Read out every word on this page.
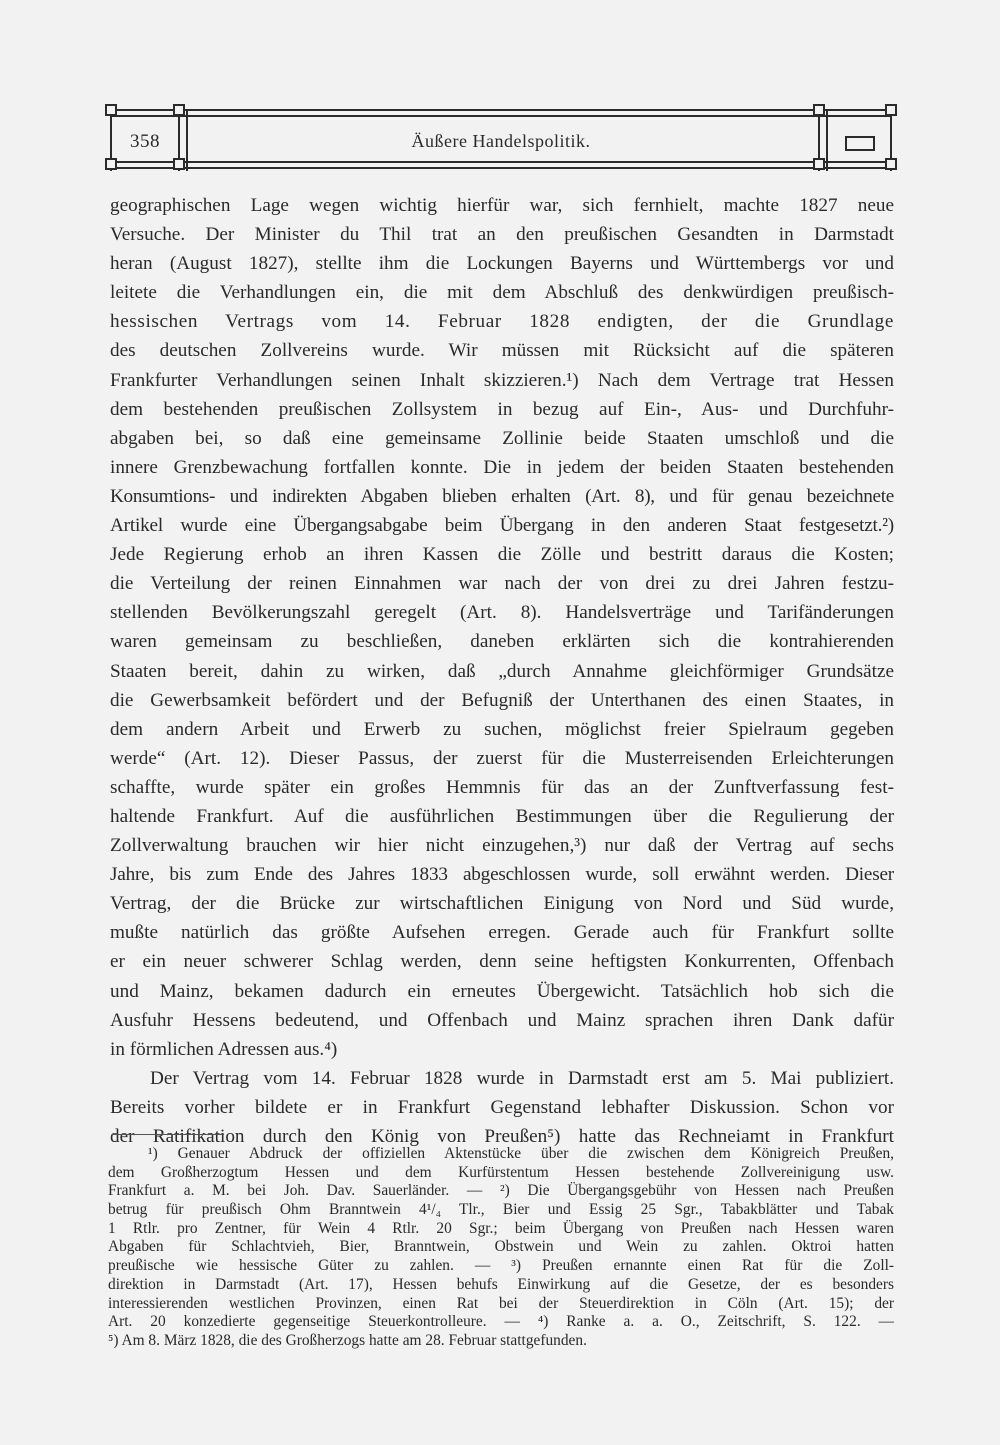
358	Äußere Handelspolitik.
geographischen Lage wegen wichtig hierfür war, sich fernhielt, machte 1827 neue
Versuche. Der Minister du Thil trat an den preußischen Gesandten in Darmstadt
heran (August 1827), stellte ihm die Lockungen Bayerns und Württembergs vor und
leitete die Verhandlungen ein, die mit dem Abschluß des denkwürdigen preußisch-
hessischen Vertrags vom 14. Februar 1828 endigten, der die Grundlage
des deutschen Zollvereins wurde. Wir müssen mit Rücksicht auf die späteren
Frankfurter Verhandlungen seinen Inhalt skizzieren.¹) Nach dem Vertrage trat Hessen
dem bestehenden preußischen Zollsystem in bezug auf Ein-, Aus- und Durchfuhr-
abgaben bei, so daß eine gemeinsame Zollinie beide Staaten umschloß und die
innere Grenzbewachung fortfallen konnte. Die in jedem der beiden Staaten bestehenden
Konsumtions- und indirekten Abgaben blieben erhalten (Art. 8), und für genau bezeichnete
Artikel wurde eine Übergangsabgabe beim Übergang in den anderen Staat festgesetzt.²)
Jede Regierung erhob an ihren Kassen die Zölle und bestritt daraus die Kosten;
die Verteilung der reinen Einnahmen war nach der von drei zu drei Jahren festzu-
stellenden Bevölkerungszahl geregelt (Art. 8). Handelsverträge und Tarifänderungen
waren gemeinsam zu beschließen, daneben erklärten sich die kontrahierenden
Staaten bereit, dahin zu wirken, daß „durch Annahme gleichförmiger Grundsätze
die Gewerbsamkeit befördert und der Befugniß der Unterthanen des einen Staates, in
dem andern Arbeit und Erwerb zu suchen, möglichst freier Spielraum gegeben
werde“ (Art. 12). Dieser Passus, der zuerst für die Musterreisenden Erleichterungen
schaffte, wurde später ein großes Hemmnis für das an der Zunftverfassung fest-
haltende Frankfurt. Auf die ausführlichen Bestimmungen über die Regulierung der
Zollverwaltung brauchen wir hier nicht einzugehen,³) nur daß der Vertrag auf sechs
Jahre, bis zum Ende des Jahres 1833 abgeschlossen wurde, soll erwähnt werden. Dieser
Vertrag, der die Brücke zur wirtschaftlichen Einigung von Nord und Süd wurde,
mußte natürlich das größte Aufsehen erregen. Gerade auch für Frankfurt sollte
er ein neuer schwerer Schlag werden, denn seine heftigsten Konkurrenten, Offenbach
und Mainz, bekamen dadurch ein erneutes Übergewicht. Tatsächlich hob sich die
Ausfuhr Hessens bedeutend, und Offenbach und Mainz sprachen ihren Dank dafür
in förmlichen Adressen aus.⁴)
Der Vertrag vom 14. Februar 1828 wurde in Darmstadt erst am 5. Mai publiziert.
Bereits vorher bildete er in Frankfurt Gegenstand lebhafter Diskussion. Schon vor
der Ratifikation durch den König von Preußen⁵) hatte das Rechneiamt in Frankfurt
¹) Genauer Abdruck der offiziellen Aktenstücke über die zwischen dem Königreich Preußen,
dem Großherzogtum Hessen und dem Kurfürstentum Hessen bestehende Zollvereinigung usw.
Frankfurt a. M. bei Joh. Dav. Sauerländer. — ²) Die Übergangsgebühr von Hessen nach Preußen
betrug für preußisch Ohm Branntwein 4¹/₄ Tlr., Bier und Essig 25 Sgr., Tabakblätter und Tabak
1 Rtlr. pro Zentner, für Wein 4 Rtlr. 20 Sgr.; beim Übergang von Preußen nach Hessen waren
Abgaben für Schlachtvieh, Bier, Branntwein, Obstwein und Wein zu zahlen. Oktroi hatten
preußische wie hessische Güter zu zahlen. — ³) Preußen ernannte einen Rat für die Zoll-
direktion in Darmstadt (Art. 17), Hessen behufs Einwirkung auf die Gesetze, der es besonders
interessierenden westlichen Provinzen, einen Rat bei der Steuerdirektion in Cöln (Art. 15); der
Art. 20 konzedierte gegenseitige Steuerkontrolleure. — ⁴) Ranke a. a. O., Zeitschrift, S. 122. —
⁵) Am 8. März 1828, die des Großherzogs hatte am 28. Februar stattgefunden.
